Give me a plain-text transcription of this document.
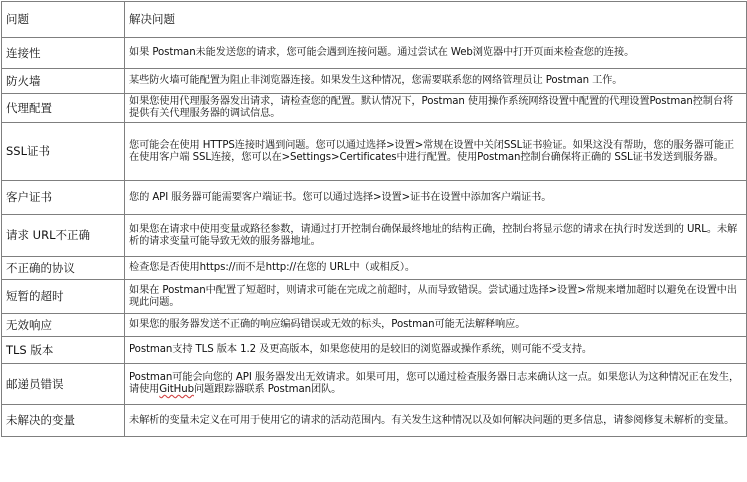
问题	解决问题
连接性	如果 Postman未能发送您的请求，您可能会遇到连接问题。通过尝试在 Web浏览器中打开页面来检查您的连接。
防火墙	某些防火墙可能配置为阻止非浏览器连接。如果发生这种情况，您需要联系您的网络管理员让 Postman 工作。
代理配置	如果您使用代理服务器发出请求，请检查您的配置。默认情况下，Postman 使用操作系统网络设置中配置的代理设置Postman控制台将提供有关代理服务器的调试信息。
SSL证书	您可能会在使用 HTTPS连接时遇到问题。您可以通过选择>设置>常规在设置中关闭SSL证书验证。如果这没有帮助，您的服务器可能正在使用客户端 SSL连接，您可以在>Settings>Certificates中进行配置。使用Postman控制台确保将正确的 SSL证书发送到服务器。
客户证书	您的 API 服务器可能需要客户端证书。您可以通过选择>设置>证书在设置中添加客户端证书。
请求 URL不正确	如果您在请求中使用变量或路径参数，请通过打开控制台确保最终地址的结构正确，控制台将显示您的请求在执行时发送到的 URL。未解析的请求变量可能导致无效的服务器地址。
不正确的协议	检查您是否使用https://而不是http://在您的 URL中（或相反）。
短暂的超时	如果在 Postman中配置了短超时，则请求可能在完成之前超时，从而导致错误。尝试通过选择>设置>常规来增加超时以避免在设置中出现此问题。
无效响应	如果您的服务器发送不正确的响应编码错误或无效的标头，Postman可能无法解释响应。
TLS 版本	Postman支持 TLS 版本 1.2 及更高版本，如果您使用的是较旧的浏览器或操作系统，则可能不受支持。
邮递员错误	Postman可能会向您的 API 服务器发出无效请求。如果可用，您可以通过检查服务器日志来确认这一点。如果您认为这种情况正在发生，请使用GitHub问题跟踪器联系 Postman团队。
未解决的变量	未解析的变量未定义在可用于使用它的请求的活动范围内。有关发生这种情况以及如何解决问题的更多信息，请参阅修复未解析的变量。
